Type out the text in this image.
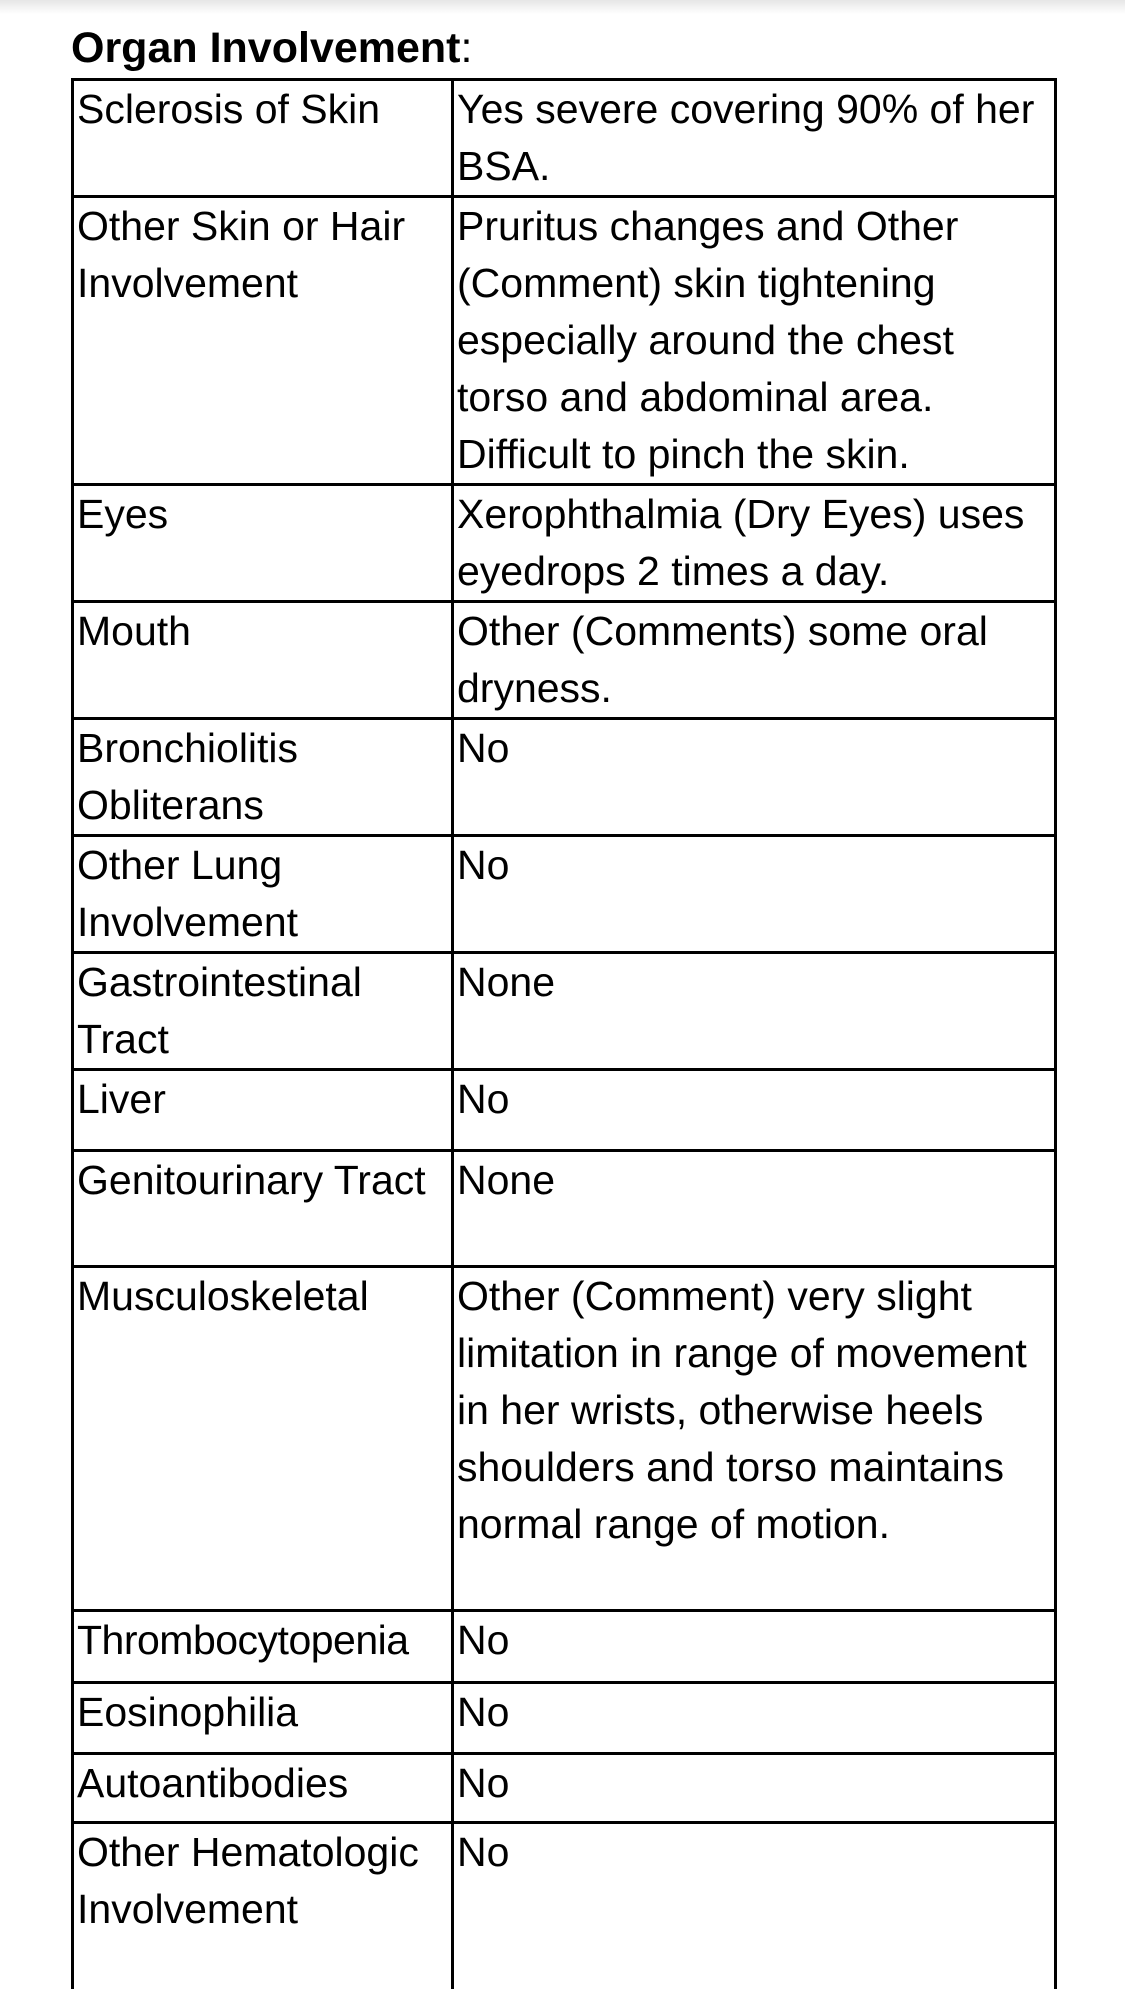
Organ Involvement:
Sclerosis of Skin	Yes severe covering 90% of her BSA.
Other Skin or Hair Involvement	Pruritus changes and Other (Comment) skin tightening especially around the chest torso and abdominal area. Difficult to pinch the skin.
Eyes	Xerophthalmia (Dry Eyes) uses eyedrops 2 times a day.
Mouth	Other (Comments) some oral dryness.
Bronchiolitis Obliterans	No
Other Lung Involvement	No
Gastrointestinal Tract	None
Liver	No
Genitourinary Tract	None
Musculoskeletal	Other (Comment) very slight limitation in range of movement in her wrists, otherwise heels shoulders and torso maintains normal range of motion.
Thrombocytopenia	No
Eosinophilia	No
Autoantibodies	No
Other Hematologic Involvement	No
